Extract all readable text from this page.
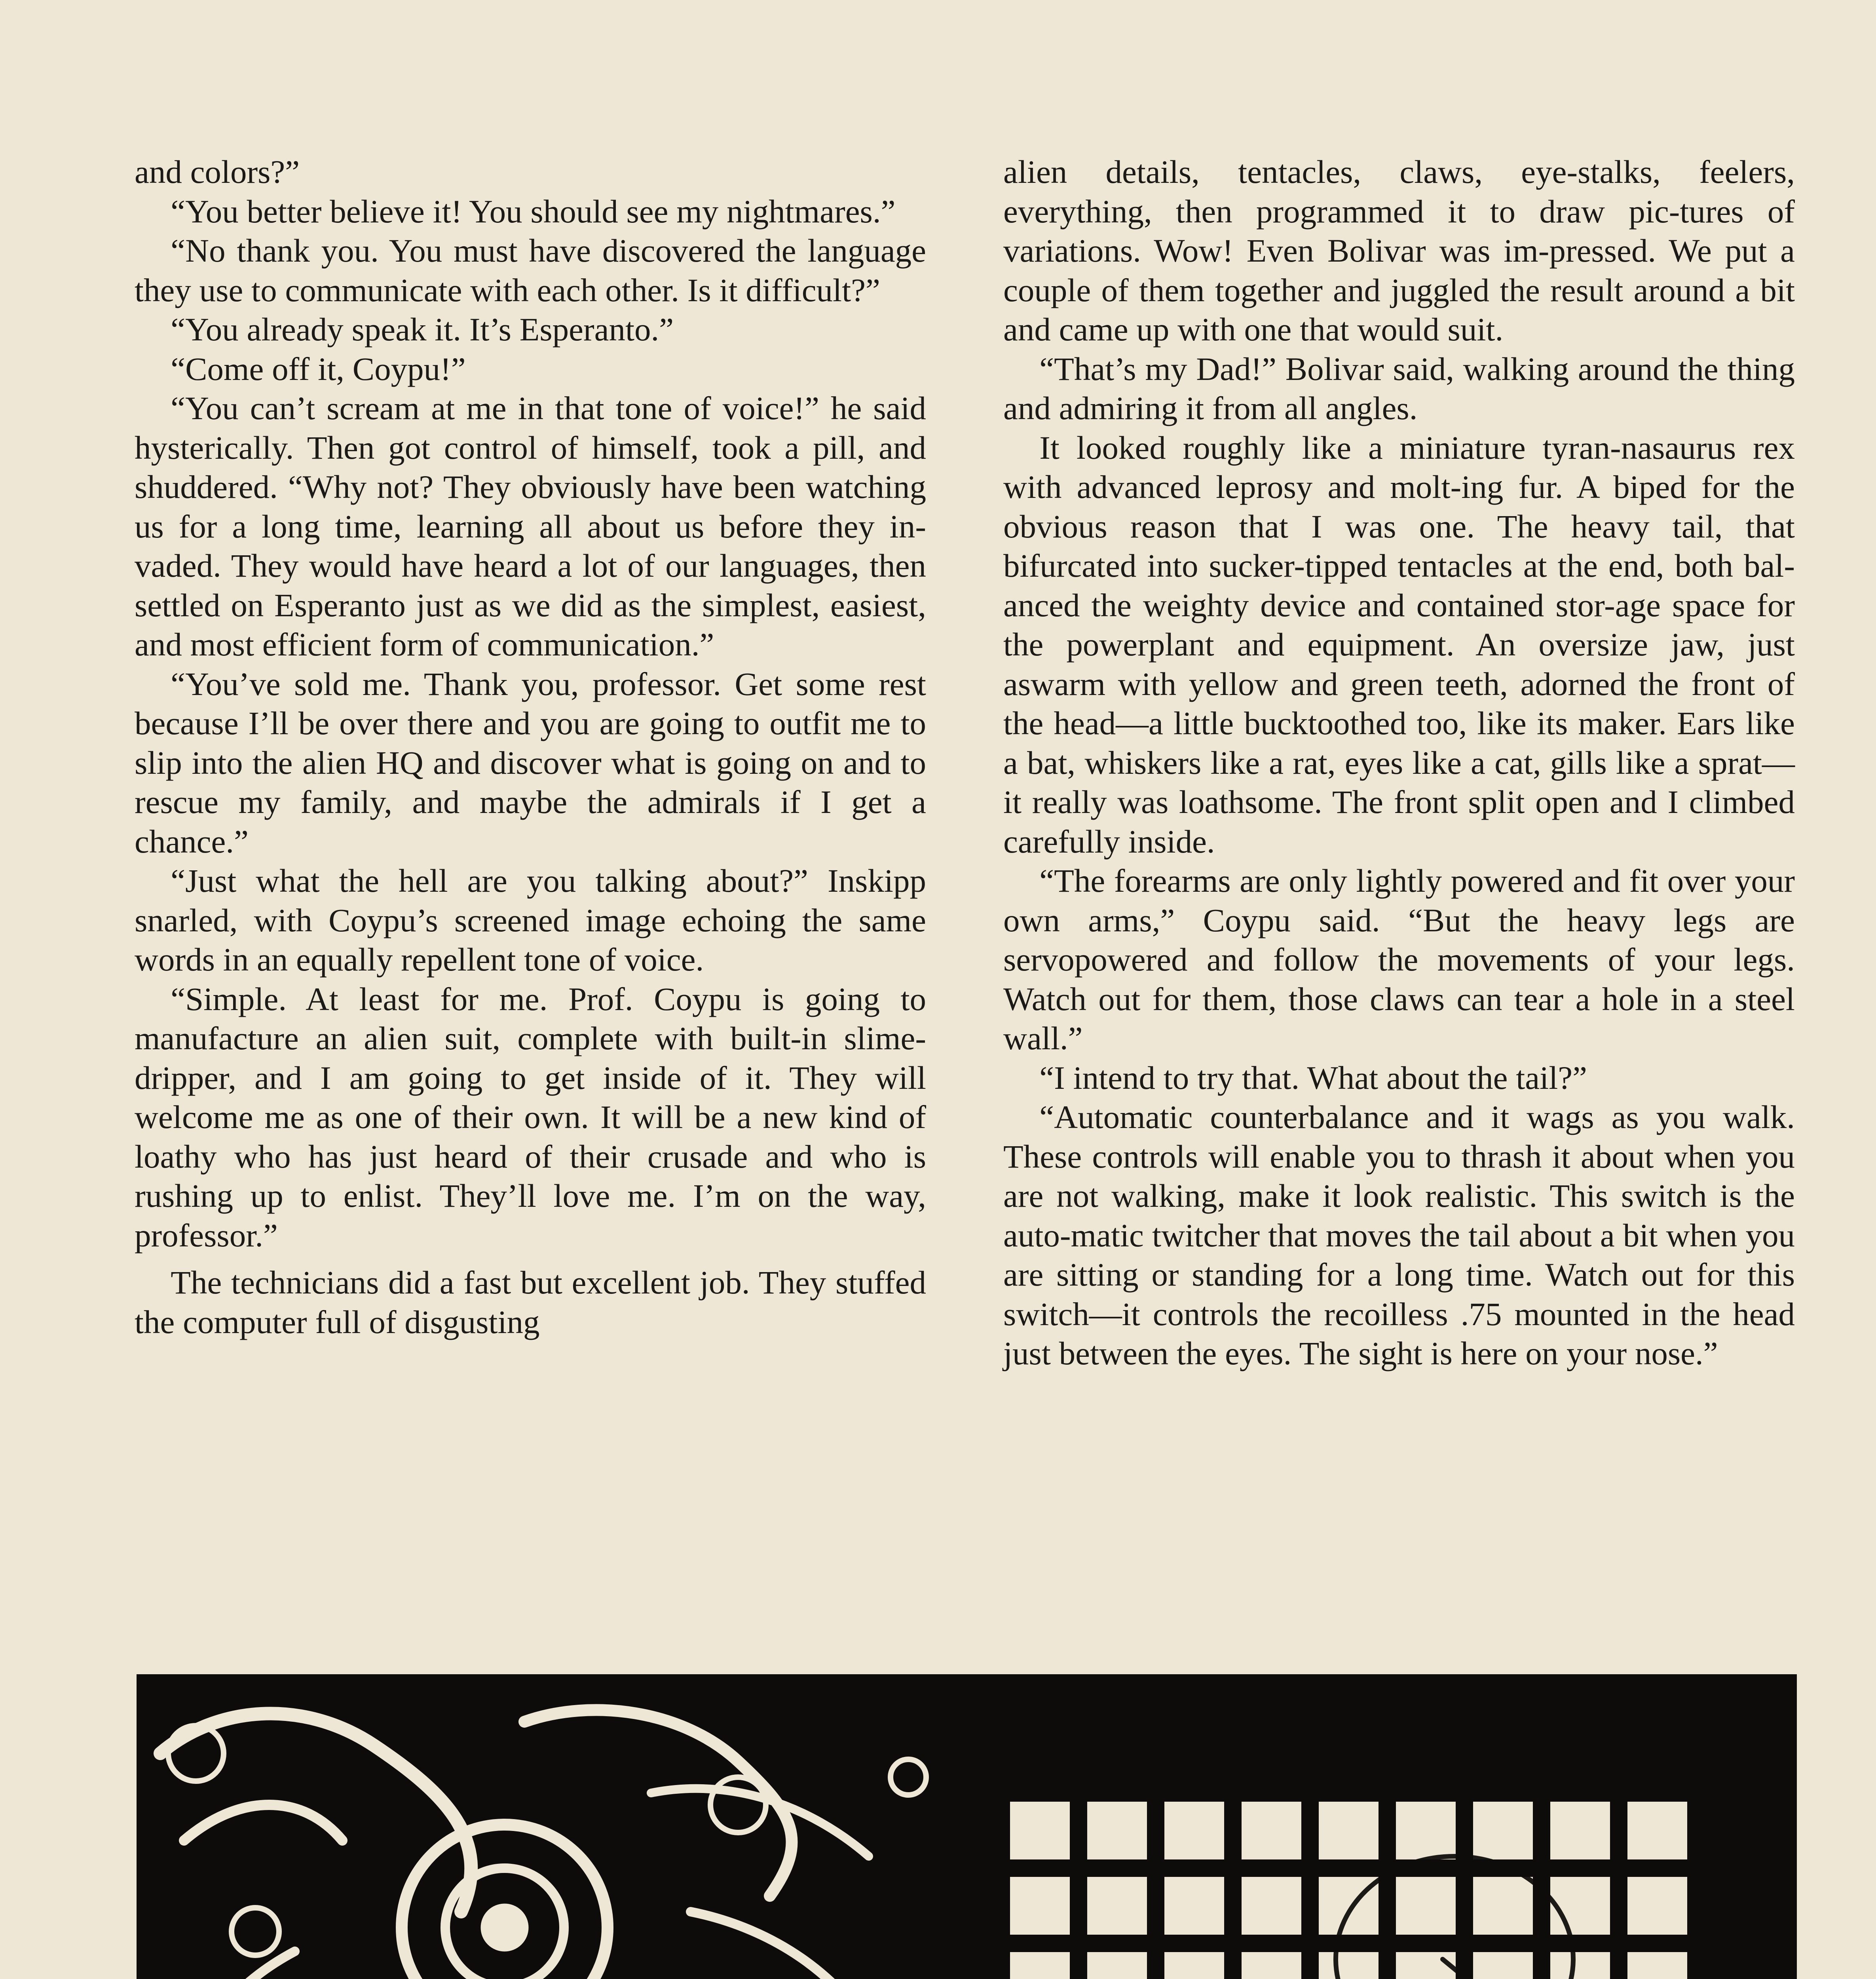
and colors?”

“You better believe it! You should see my nightmares.”

“No thank you. You must have discovered the language they use to communicate with each other. Is it difficult?”

“You already speak it. It’s Esperanto.”

“Come off it, Coypu!”

“You can’t scream at me in that tone of voice!” he said hysterically. Then got control of himself, took a pill, and shuddered. “Why not? They obviously have been watching us for a long time, learning all about us before they in-vaded. They would have heard a lot of our languages, then settled on Esperanto just as we did as the simplest, easiest, and most efficient form of communication.”

“You’ve sold me. Thank you, professor. Get some rest because I’ll be over there and you are going to outfit me to slip into the alien HQ and discover what is going on and to rescue my family, and maybe the admirals if I get a chance.”

“Just what the hell are you talking about?” Inskipp snarled, with Coypu’s screened image echoing the same words in an equally repellent tone of voice.

“Simple. At least for me. Prof. Coypu is going to manufacture an alien suit, complete with built-in slime-dripper, and I am going to get inside of it. They will welcome me as one of their own. It will be a new kind of loathy who has just heard of their crusade and who is rushing up to enlist. They’ll love me. I’m on the way, professor.”

The technicians did a fast but excellent job. They stuffed the computer full of disgusting

alien details, tentacles, claws, eye-stalks, feelers, everything, then programmed it to draw pic-tures of variations. Wow! Even Bolivar was im-pressed. We put a couple of them together and juggled the result around a bit and came up with one that would suit.

“That’s my Dad!” Bolivar said, walking around the thing and admiring it from all angles.

It looked roughly like a miniature tyran-nasaurus rex with advanced leprosy and molt-ing fur. A biped for the obvious reason that I was one. The heavy tail, that bifurcated into sucker-tipped tentacles at the end, both bal-anced the weighty device and contained stor-age space for the powerplant and equipment. An oversize jaw, just aswarm with yellow and green teeth, adorned the front of the head—a little bucktoothed too, like its maker. Ears like a bat, whiskers like a rat, eyes like a cat, gills like a sprat—it really was loathsome. The front split open and I climbed carefully inside.

“The forearms are only lightly powered and fit over your own arms,” Coypu said. “But the heavy legs are servopowered and follow the movements of your legs. Watch out for them, those claws can tear a hole in a steel wall.”

“I intend to try that. What about the tail?”

“Automatic counterbalance and it wags as you walk. These controls will enable you to thrash it about when you are not walking, make it look realistic. This switch is the auto-matic twitcher that moves the tail about a bit when you are sitting or standing for a long time. Watch out for this switch—it controls the recoilless .75 mounted in the head just between the eyes. The sight is here on your nose.”
